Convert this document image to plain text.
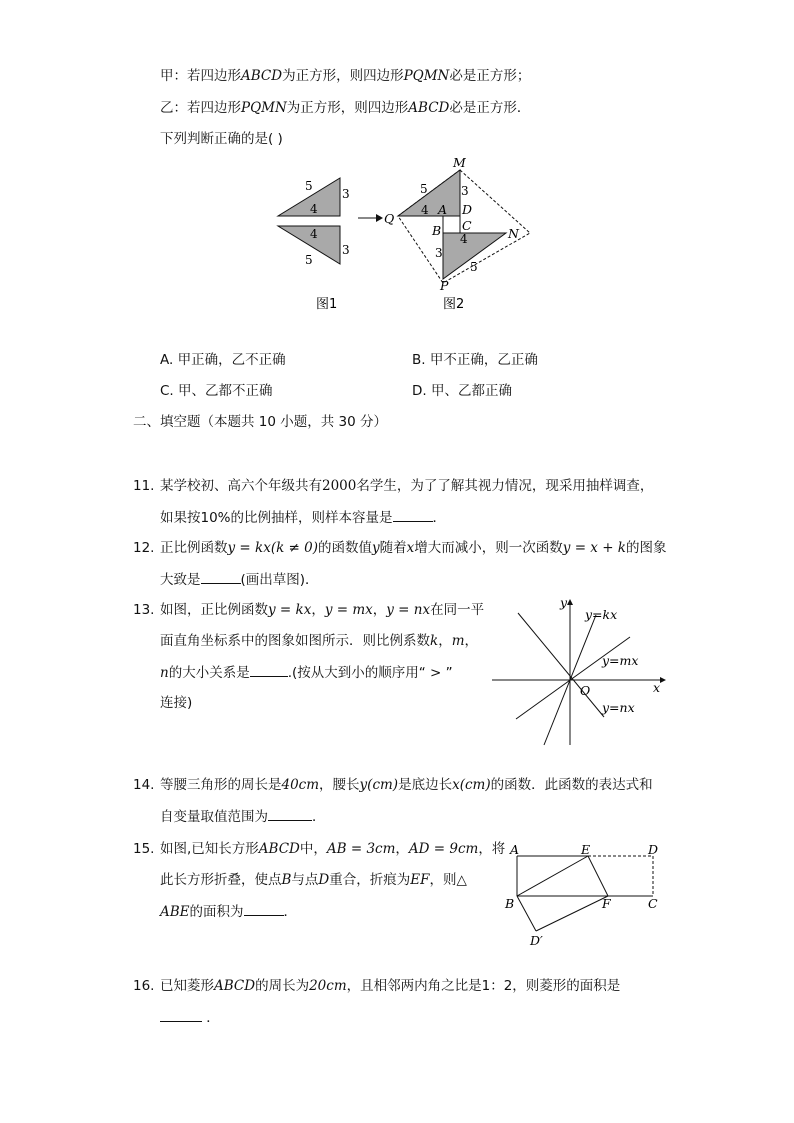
甲：若四边形ABCD为正方形，则四边形PQMN必是正方形；
乙：若四边形PQMN为正方形，则四边形ABCD必是正方形．
下列判断正确的是( )
5
3
4
4
3
5
Q
M
5	3
4 A D
C
B
4	N
3
5
P
图1	图2
A. 甲正确，乙不正确	B. 甲不正确，乙正确
C. 甲、乙都不正确	D. 甲、乙都正确
二、填空题（本题共 10 小题，共 30 分）
11. 某学校初、高六个年级共有2000名学生，为了了解其视力情况，现采用抽样调查，
如果按10%的比例抽样，则样本容量是	．
12. 正比例函数y = kx(k ≠ 0)的函数值y随着x增大而减小，则一次函数y = x + k的图象
大致是	(画出草图)．
13. 如图，正比例函数y = kx，y = mx，y = nx在同一平
面直角坐标系中的图象如图所示．则比例系数k，m，
n的大小关系是	.(按从大到小的顺序用“ > ”
连接)
y
x
O
y=kx
y=mx
y=nx
14. 等腰三角形的周长是40cm，腰长y(cm)是底边长x(cm)的函数．此函数的表达式和
自变量取值范围为	．
15. 如图,已知长方形ABCD中，AB = 3cm，AD = 9cm，将
此长方形折叠，使点B与点D重合，折痕为EF，则△
ABE的面积为	．
A	E	D
B	F	C
D′
16. 已知菱形ABCD的周长为20cm，且相邻两内角之比是1：2，则菱形的面积是
．
